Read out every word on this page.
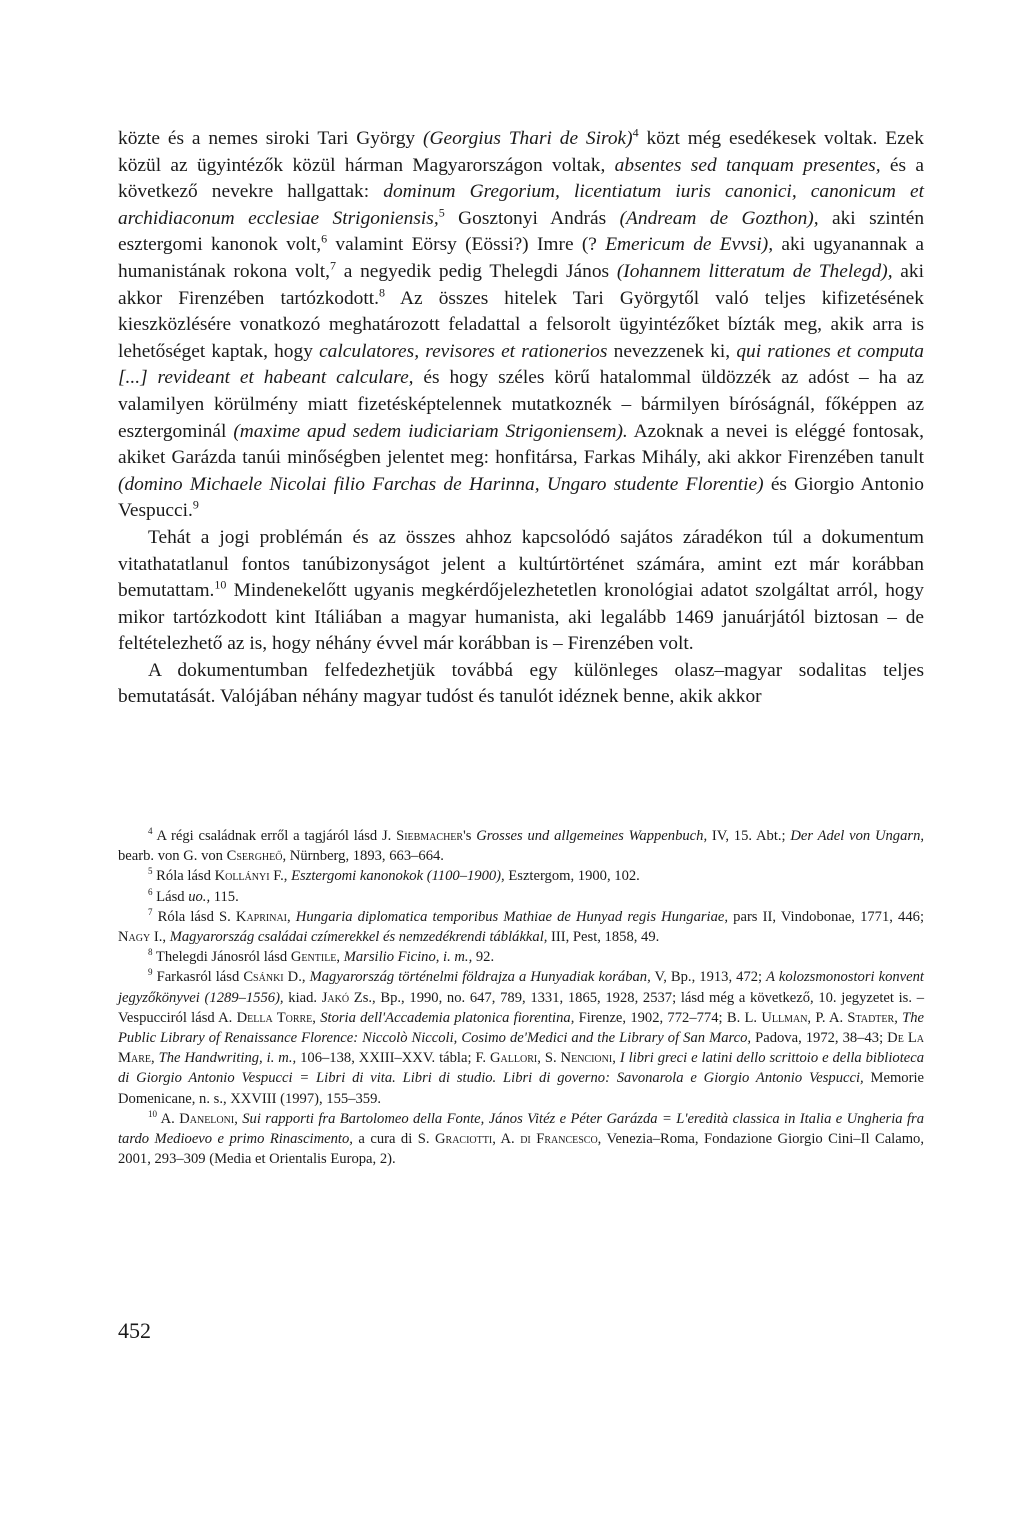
közte és a nemes siroki Tari György (Georgius Thari de Sirok)$^4$ közt még esedékesek voltak. Ezek közül az ügyintézők közül hárman Magyarországon voltak, absentes sed tanquam presentes, és a következő nevekre hallgattak: dominum Gregorium, licentiatum iuris canonici, canonicum et archidiaconum ecclesiae Strigoniensis,$^5$ Gosztonyi András (Andream de Gozthon), aki szintén esztergomi kanonok volt,$^6$ valamint Eörsy (Eössi?) Imre (? Emericum de Evvsi), aki ugyanannak a humanistának rokona volt,$^7$ a negyedik pedig Thelegdi János (Iohannem litteratum de Thelegd), aki akkor Firenzében tartózkodott.$^8$ Az összes hitelek Tari Györgytől való teljes kifizetésének kieszközlésére vonatkozó meghatározott feladattal a felsorolt ügyintézőket bízták meg, akik arra is lehetőséget kaptak, hogy calculatores, revisores et rationerios nevezzenek ki, qui rationes et computa [...] revideant et habeant calculare, és hogy széles körű hatalommal üldözzék az adóst – ha az valamilyen körülmény miatt fizetésképtelennek mutatkoznék – bármilyen bíróságnál, főképpen az esztergominál (maxime apud sedem iudiciariam Strigoniensem). Azoknak a nevei is eléggé fontosak, akiket Garázda tanúi minőségben jelentet meg: honfitársa, Farkas Mihály, aki akkor Firenzében tanult (domino Michaele Nicolai filio Farchas de Harinna, Ungaro studente Florentie) és Giorgio Antonio Vespucci.$^9$

Tehát a jogi problémán és az összes ahhoz kapcsolódó sajátos záradékon túl a dokumentum vitathatatlanul fontos tanúbizonyságot jelent a kultúrtörténet számára, amint ezt már korábban bemutattam.$^{10}$ Mindenekelőtt ugyanis megkérdőjelezhetetlen kronológiai adatot szolgáltat arról, hogy mikor tartózkodott kint Itáliában a magyar humanista, aki legalább 1469 januárjától biztosan – de feltételezhető az is, hogy néhány évvel már korábban is – Firenzében volt.

A dokumentumban felfedezhetjük továbbá egy különleges olasz–magyar sodalitas teljes bemutatását. Valójában néhány magyar tudóst és tanulót idéznek benne, akik akkor

$^4$ A régi családnak erről a tagjáról lásd J. Siebmacher's Grosses und allgemeines Wappenbuch, IV, 15. Abt.; Der Adel von Ungarn, bearb. von G. von Csergheő, Nürnberg, 1893, 663–664.

$^5$ Róla lásd Kollányi F., Esztergomi kanonokok (1100–1900), Esztergom, 1900, 102.

$^6$ Lásd uo., 115.

$^7$ Róla lásd S. Kaprinai, Hungaria diplomatica temporibus Mathiae de Hunyad regis Hungariae, pars II, Vindobonae, 1771, 446; Nagy I., Magyarország családai czímerekkel és nemzedékrendi táblákkal, III, Pest, 1858, 49.

$^8$ Thelegdi Jánosról lásd Gentile, Marsilio Ficino, i. m., 92.

$^9$ Farkasról lásd Csánki D., Magyarország történelmi földrajza a Hunyadiak korában, V, Bp., 1913, 472; A kolozsmonostori konvent jegyzőkönyvei (1289–1556), kiad. Jakó Zs., Bp., 1990, no. 647, 789, 1331, 1865, 1928, 2537; lásd még a következő, 10. jegyzetet is. – Vespucciról lásd A. Della Torre, Storia dell'Accademia platonica fiorentina, Firenze, 1902, 772–774; B. L. Ullman, P. A. Stadter, The Public Library of Renaissance Florence: Niccolò Niccoli, Cosimo de'Medici and the Library of San Marco, Padova, 1972, 38–43; De La Mare, The Handwriting, i. m., 106–138, XXIII–XXV. tábla; F. Gallori, S. Nencioni, I libri greci e latini dello scrittoio e della biblioteca di Giorgio Antonio Vespucci = Libri di vita. Libri di studio. Libri di governo: Savonarola e Giorgio Antonio Vespucci, Memorie Domenicane, n. s., XXVIII (1997), 155–359.

$^{10}$ A. Daneloni, Sui rapporti fra Bartolomeo della Fonte, János Vitéz e Péter Garázda = L'eredità classica in Italia e Ungheria fra tardo Medioevo e primo Rinascimento, a cura di S. Graciotti, A. di Francesco, Venezia–Roma, Fondazione Giorgio Cini–Il Calamo, 2001, 293–309 (Media et Orientalis Europa, 2).

452
